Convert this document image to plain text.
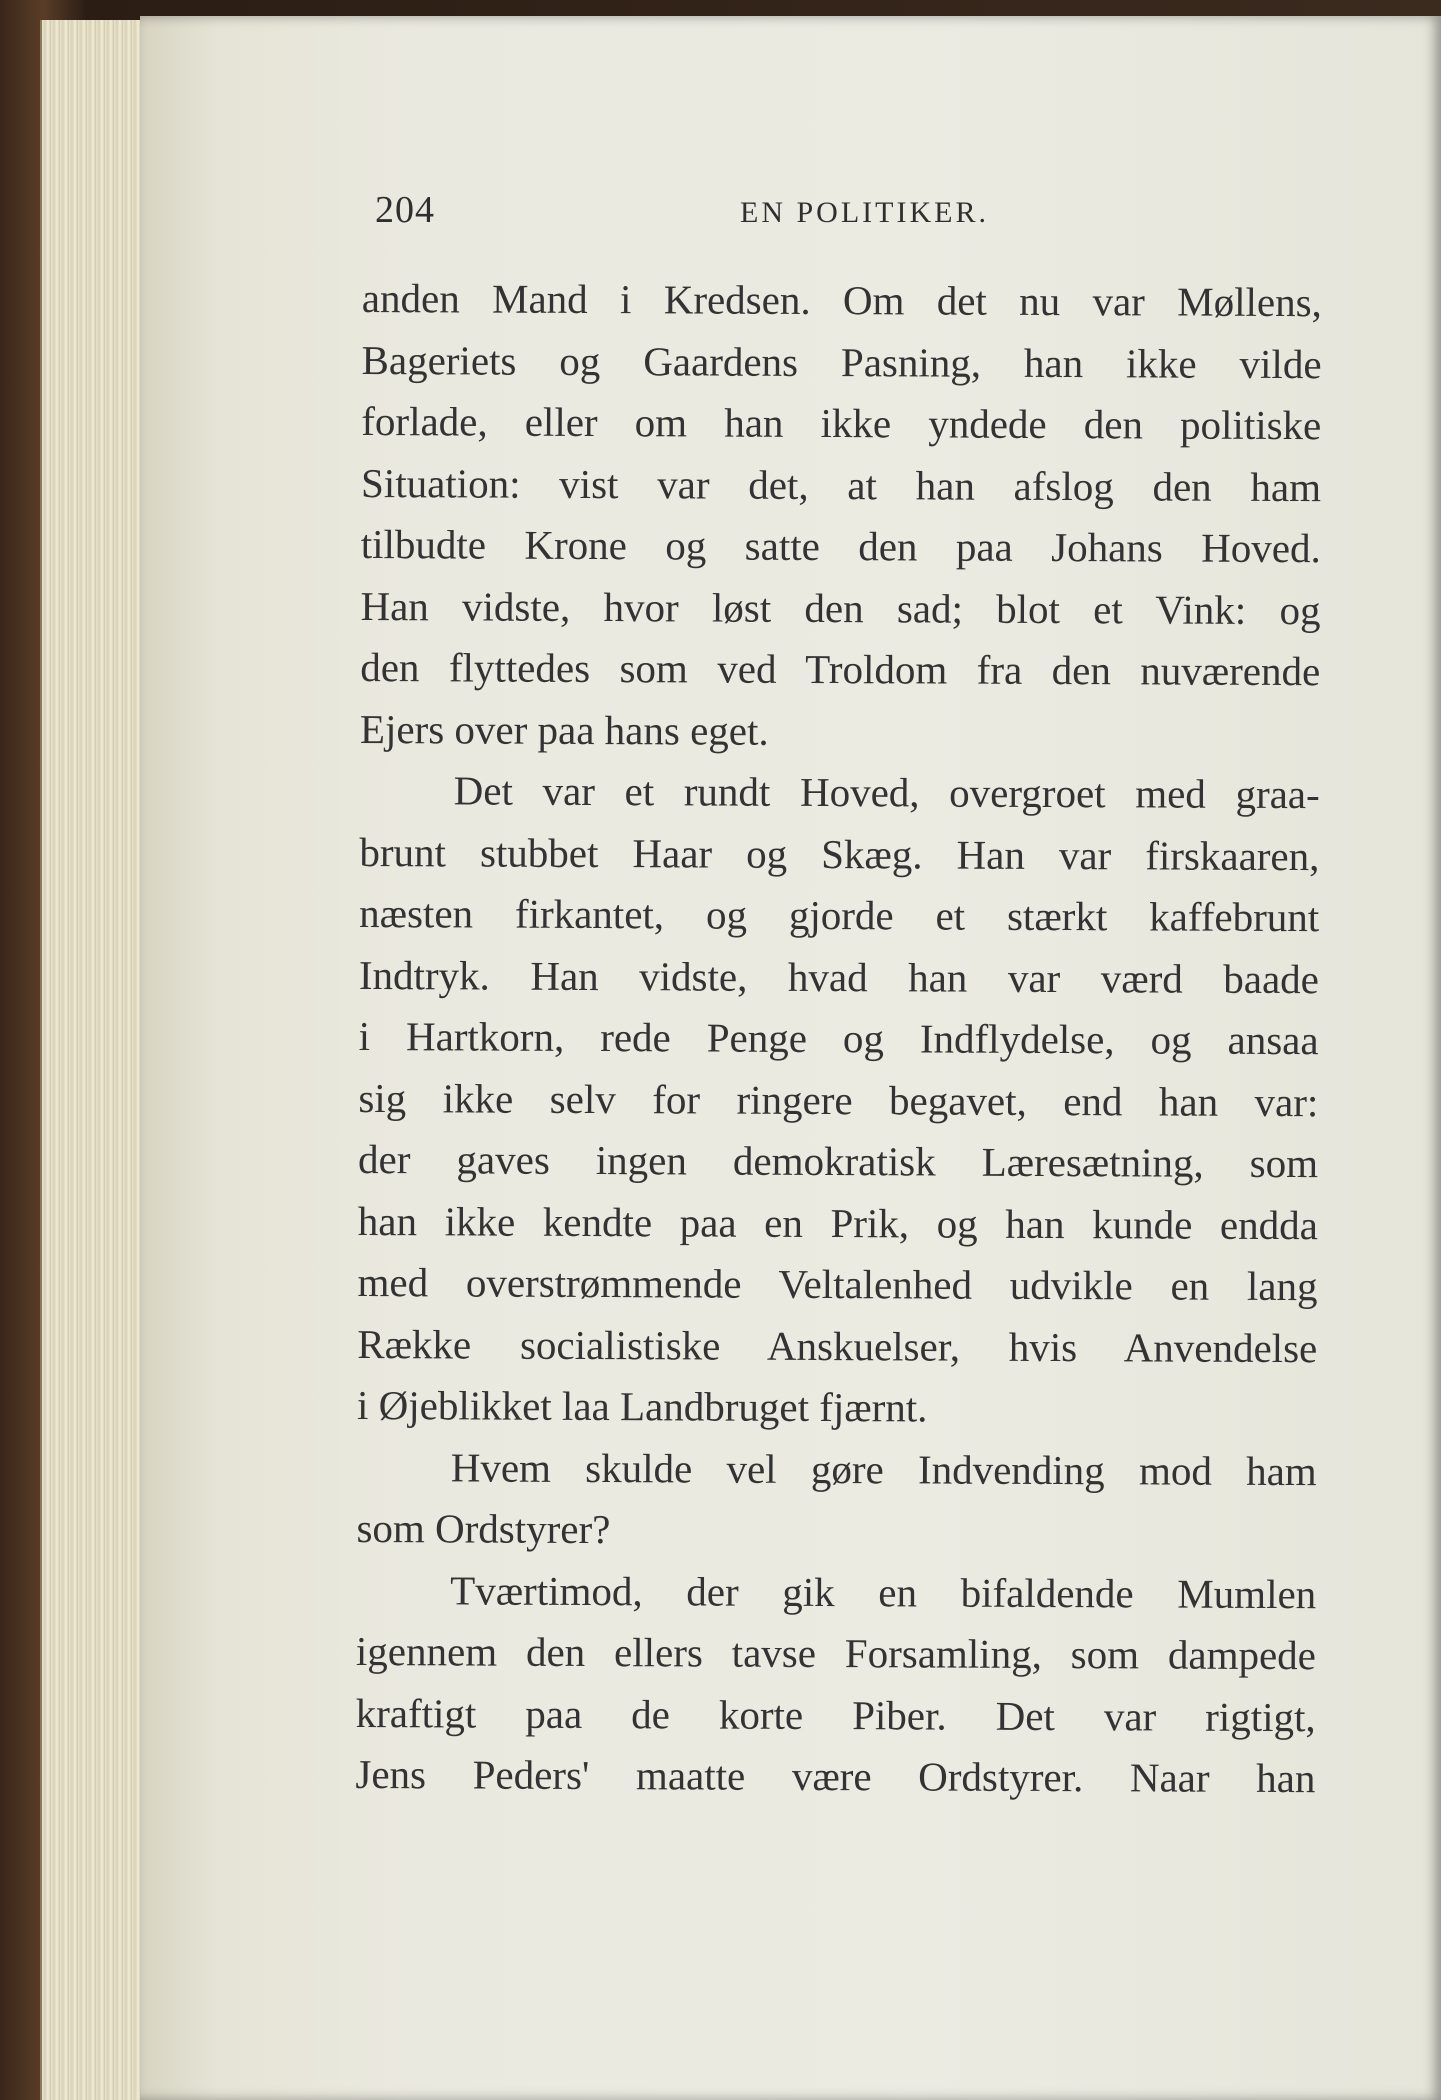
204	EN POLITIKER.
anden Mand i Kredsen. Om det nu var Møllens,
Bageriets og Gaardens Pasning, han ikke vilde
forlade, eller om han ikke yndede den politiske
Situation: vist var det, at han afslog den ham
tilbudte Krone og satte den paa Johans Hoved.
Han vidste, hvor løst den sad; blot et Vink: og
den flyttedes som ved Troldom fra den nuværende
Ejers over paa hans eget.
Det var et rundt Hoved, overgroet med graa-
brunt stubbet Haar og Skæg. Han var firskaaren,
næsten firkantet, og gjorde et stærkt kaffebrunt
Indtryk. Han vidste, hvad han var værd baade
i Hartkorn, rede Penge og Indflydelse, og ansaa
sig ikke selv for ringere begavet, end han var:
der gaves ingen demokratisk Læresætning, som
han ikke kendte paa en Prik, og han kunde endda
med overstrømmende Veltalenhed udvikle en lang
Række socialistiske Anskuelser, hvis Anvendelse
i Øjeblikket laa Landbruget fjærnt.
Hvem skulde vel gøre Indvending mod ham
som Ordstyrer?
Tværtimod, der gik en bifaldende Mumlen
igennem den ellers tavse Forsamling, som dampede
kraftigt paa de korte Piber. Det var rigtigt,
Jens Peders' maatte være Ordstyrer. Naar han
